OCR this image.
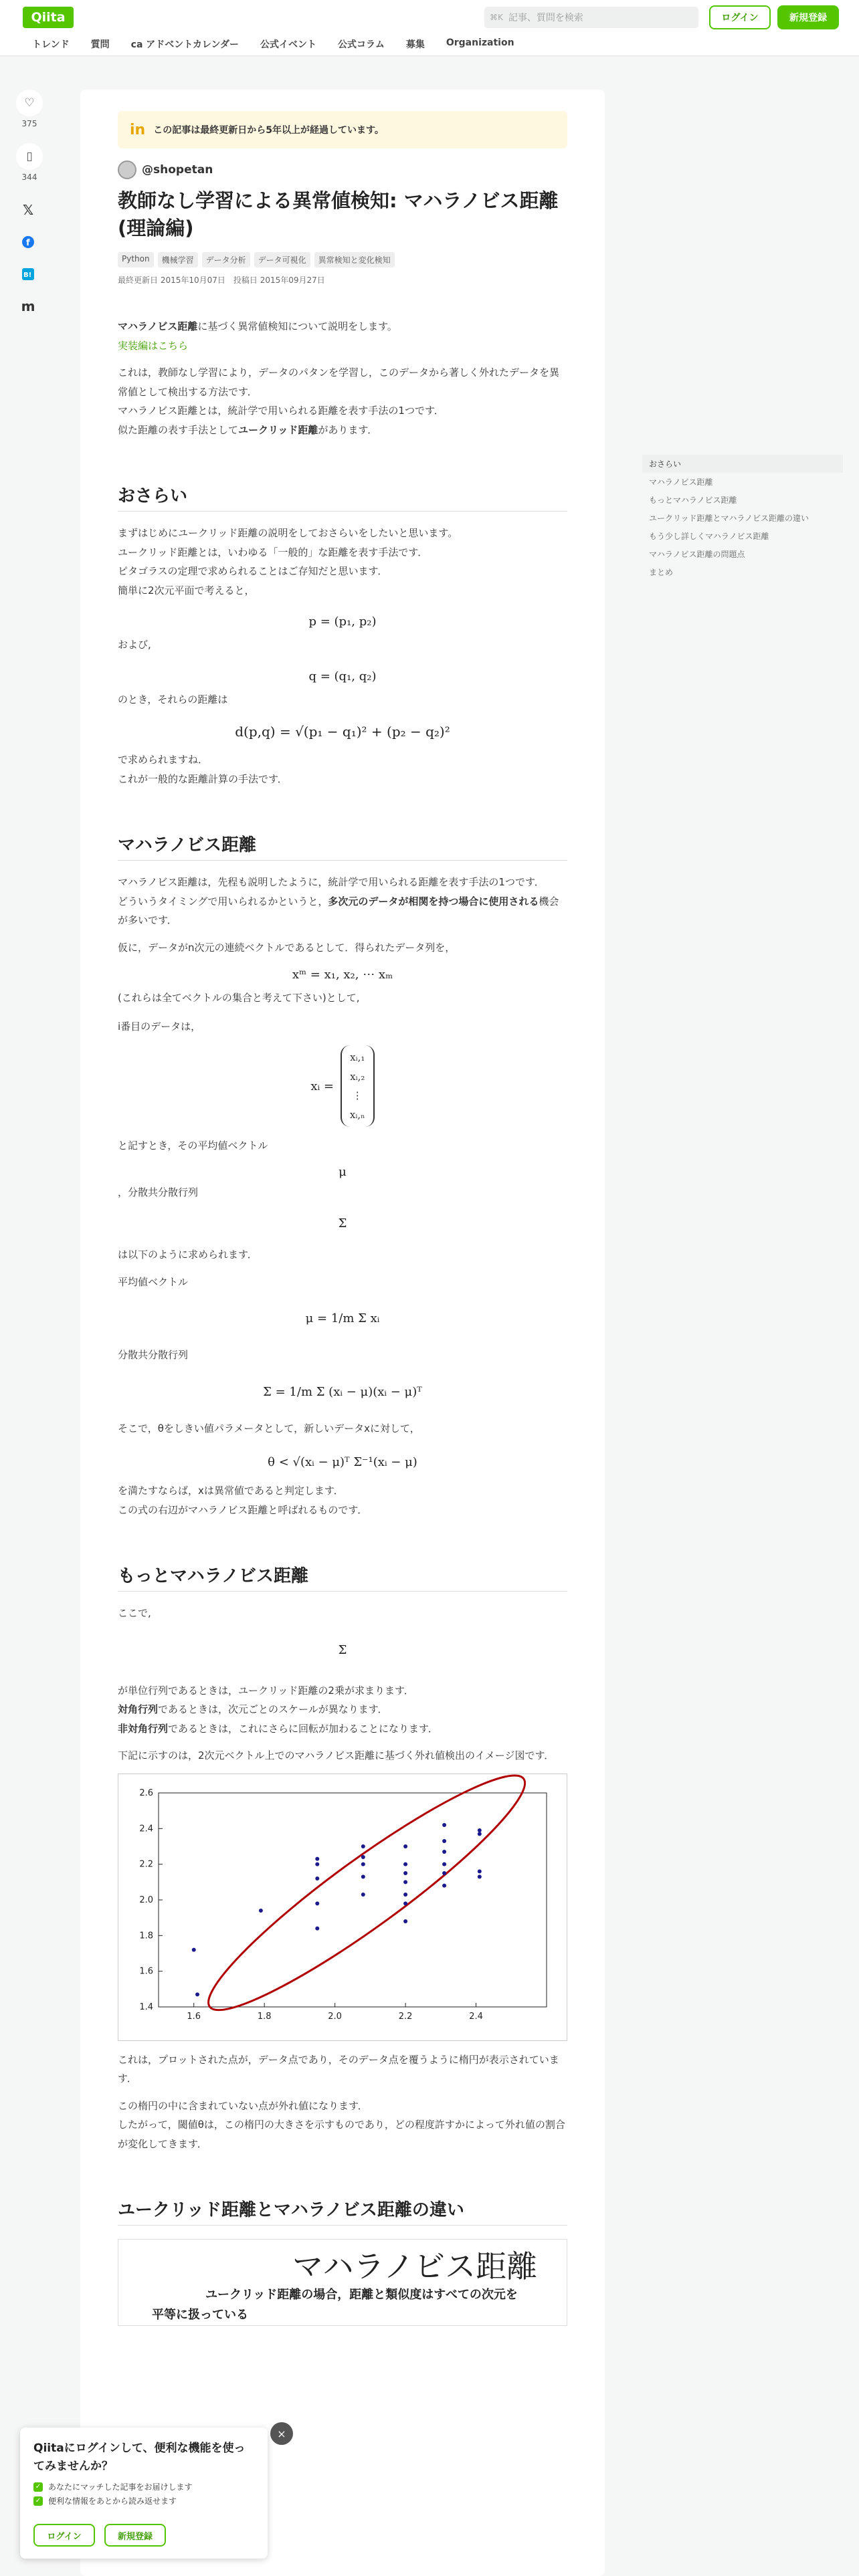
Qiita	⌘K 記事、質問を検索	ログイン	新規登録
トレンド 質問 ca アドベントカレンダー 公式イベント 公式コラム 募集 Organization
♡
375
▯
344
𝕏
f
B!
m
in この記事は最終更新日から5年以上が経過しています。
@shopetan
教師なし学習による異常値検知: マハラノビス距離(理論編)
Python	機械学習	データ分析	データ可視化	異常検知と変化検知
最終更新日 2015年10月07日　投稿日 2015年09月27日

マハラノビス距離に基づく異常値検知について説明をします。

実装編はこちら

これは，教師なし学習により，データのパタンを学習し，このデータから著しく外れたデータを異常値として検出する方法です．

マハラノビス距離とは，統計学で用いられる距離を表す手法の1つです．

似た距離の表す手法としてユークリッド距離があります．

おさらい

まずはじめにユークリッド距離の説明をしておさらいをしたいと思います。

ユークリッド距離とは，いわゆる「一般的」な距離を表す手法です．

ピタゴラスの定理で求められることはご存知だと思います．

簡単に2次元平面で考えると，

p = (p₁, p₂)

および,

q = (q₁, q₂)

のとき，それらの距離は

d(p,q) = √(p₁ − q₁)² + (p₂ − q₂)²

で求められますね．

これが一般的な距離計算の手法です．

マハラノビス距離

マハラノビス距離は，先程も説明したように，統計学で用いられる距離を表す手法の1つです．

どういうタイミングで用いられるかというと，多次元のデータが相関を持つ場合に使用される機会が多いです．

仮に，データがn次元の連続ベクトルであるとして．得られたデータ列を，

xᵐ = x₁, x₂, ⋯ xₘ

(これらは全てベクトルの集合と考えて下さい)として,

i番目のデータは，

xᵢ =
xᵢ,₁
xᵢ,₂
⋮
xᵢ,ₙ

と記すとき，その平均値ベクトル

μ

，分散共分散行列

Σ

は以下のように求められます．

平均値ベクトル

μ = 1/m Σ xᵢ

分散共分散行列

Σ = 1/m Σ (xᵢ − μ)(xᵢ − μ)ᵀ

そこで，θをしきい値パラメータとして，新しいデータxに対して，

θ < √(xᵢ − μ)ᵀ Σ⁻¹(xᵢ − μ)

を満たすならば，xは異常値であると判定します．

この式の右辺がマハラノビス距離と呼ばれるものです．

もっとマハラノビス距離

ここで,

Σ

が単位行列であるときは，ユークリッド距離の2乗が求まります．

対角行列であるときは，次元ごとのスケールが異なります．

非対角行列であるときは，これにさらに回転が加わることになります．

下記に示すのは，2次元ベクトル上でのマハラノビス距離に基づく外れ値検出のイメージ図です．

1.6	1.8	2.0	2.2	2.4
1.4
1.6
1.8
2.0
2.2
2.4
2.6

これは，プロットされた点が，データ点であり，そのデータ点を覆うように楕円が表示されています．

この楕円の中に含まれていない点が外れ値になります．

したがって，閾値θは，この楕円の大きさを示すものであり，どの程度許すかによって外れ値の割合が変化してきます．

ユークリッド距離とマハラノビス距離の違い
マハラノビス距離
ユークリッド距離の場合，距離と類似度はすべての次元を
平等に扱っている
おさらい
マハラノビス距離
もっとマハラノビス距離
ユークリッド距離とマハラノビス距離の違い
もう少し詳しくマハラノビス距離
マハラノビス距離の問題点
まとめ
Qiitaにログインして、便利な機能を使ってみませんか？
✓ あなたにマッチした記事をお届けします
✓ 便利な情報をあとから読み返せます
ログイン	新規登録
×
